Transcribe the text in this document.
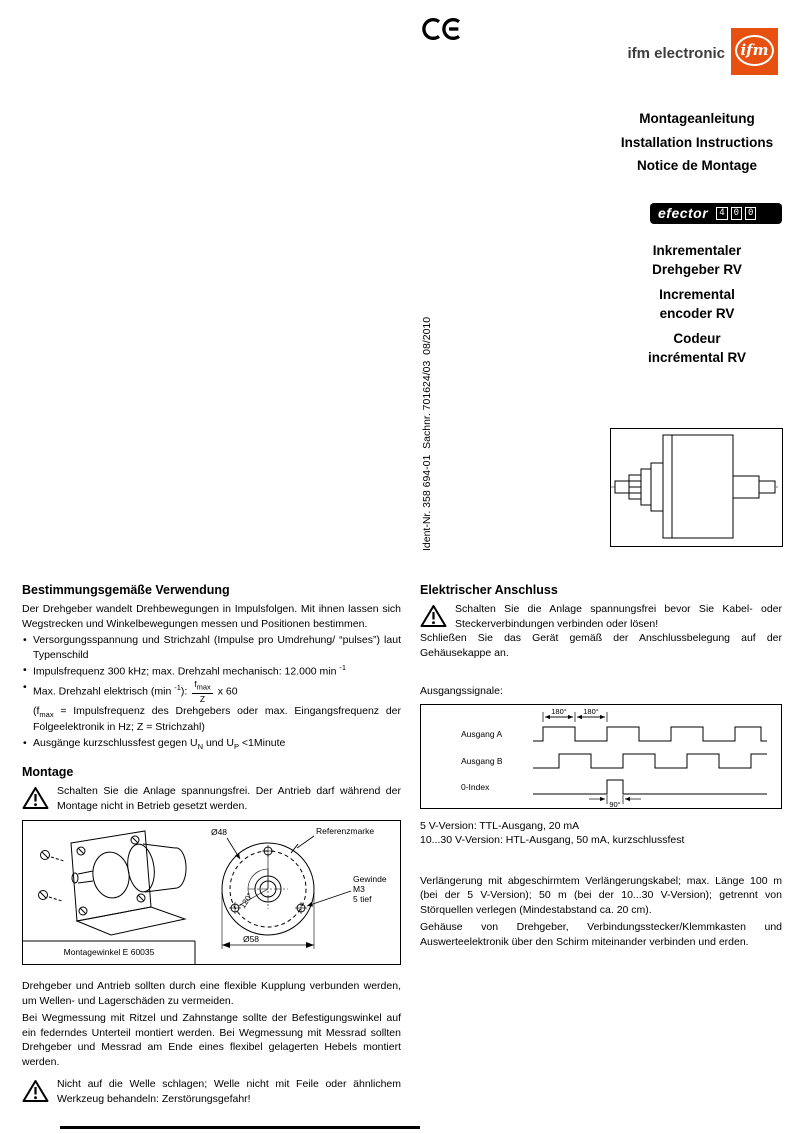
ifm electronic ifm
Montageanleitung
Installation Instructions
Notice de Montage
efector	4	0	0
Inkrementaler
Drehgeber RV
Incremental
encoder RV
Codeur
incrémental RV
Ident-Nr. 358 694-01  Sachnr. 701624/03  08/2010
Bestimmungsgemäße Verwendung

Der Drehgeber wandelt Drehbewegungen in Impulsfolgen. Mit ihnen lassen sich Wegstrecken und Winkelbewegungen messen und Positionen bestimmen.

• Versorgungsspannung und Strichzahl (Impulse pro Umdrehung/ “pulses”) laut Typenschild
• Impulsfrequenz 300 kHz; max. Drehzahl mechanisch: 12.000 min $^{-1}$
• Max. Drehzahl elektrisch (min $^{-1}$): $\frac{f_{max}}{Z}$ x 60
($f_{max}$ = Impulsfrequenz des Drehgebers oder max. Eingangsfrequenz der Folgeelektronik in Hz; Z = Strichzahl)
• Ausgänge kurzschlussfest gegen $U_N$ und $U_P$ <1Minute
Montage
Schalten Sie die Anlage spannungsfrei. Der Antrieb darf während der Montage nicht in Betrieb gesetzt werden.
Montagewinkel E 60035
Ø48	Referenzmarke
Gewinde
M3
5 tief
120°
Ø58

Drehgeber und Antrieb sollten durch eine flexible Kupplung verbunden werden, um Wellen- und Lagerschäden zu vermeiden.

Bei Wegmessung mit Ritzel und Zahnstange sollte der Befestigungswinkel auf ein federndes Unterteil montiert werden. Bei Wegmessung mit Messrad sollten Drehgeber und Messrad am Ende eines flexibel gelagerten Hebels montiert werden.

Nicht auf die Welle schlagen; Welle nicht mit Feile oder ähnlichem Werkzeug behandeln: Zerstörungsgefahr!
Elektrischer Anschluss
Schalten Sie die Anlage spannungsfrei bevor Sie Kabel- oder Steckerverbindungen verbinden oder lösen!

Schließen Sie das Gerät gemäß der Anschlussbelegung auf der Gehäusekappe an.

Ausgangssignale:

Ausgang A
Ausgang B
0-Index
180° 180°
90°

5 V-Version: TTL-Ausgang, 20 mA

10...30 V-Version: HTL-Ausgang, 50 mA, kurzschlussfest

Verlängerung mit abgeschirmtem Verlängerungskabel; max. Länge 100 m (bei der 5 V-Version); 50 m (bei der 10...30 V-Version); getrennt von Störquellen verlegen (Mindestabstand ca. 20 cm).

Gehäuse von Drehgeber, Verbindungsstecker/Klemmkasten und Auswerteelektronik über den Schirm miteinander verbinden und erden.
